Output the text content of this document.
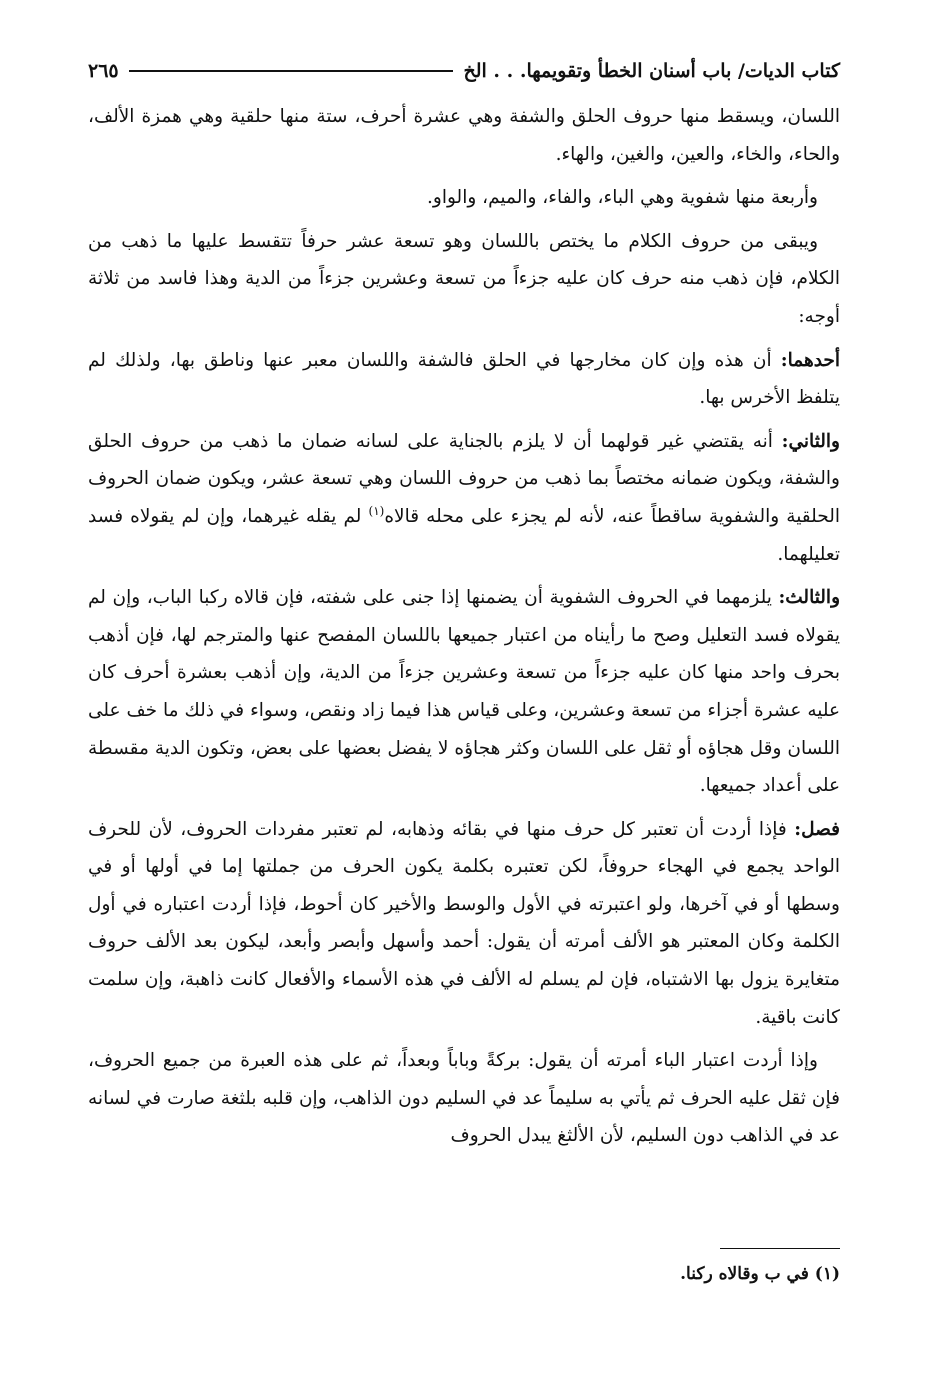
كتاب الديات/ باب أسنان الخطأ وتقويمها. . . الخ
٢٦٥

اللسان، ويسقط منها حروف الحلق والشفة وهي عشرة أحرف، ستة منها حلقية وهي همزة الألف، والحاء، والخاء، والعين، والغين، والهاء.

وأربعة منها شفوية وهي الباء، والفاء، والميم، والواو.

ويبقى من حروف الكلام ما يختص باللسان وهو تسعة عشر حرفاً تتقسط عليها ما ذهب من الكلام، فإن ذهب منه حرف كان عليه جزءاً من تسعة وعشرين جزءاً من الدية وهذا فاسد من ثلاثة أوجه:

أحدهما: أن هذه وإن كان مخارجها في الحلق فالشفة واللسان معبر عنها وناطق بها، ولذلك لم يتلفظ الأخرس بها.

والثاني: أنه يقتضي غير قولهما أن لا يلزم بالجناية على لسانه ضمان ما ذهب من حروف الحلق والشفة، ويكون ضمانه مختصاً بما ذهب من حروف اللسان وهي تسعة عشر، ويكون ضمان الحروف الحلقية والشفوية ساقطاً عنه، لأنه لم يجزء على محله قالاه$^{(١)}$ لم يقله غيرهما، وإن لم يقولاه فسد تعليلهما.

والثالث: يلزمهما في الحروف الشفوية أن يضمنها إذا جنى على شفته، فإن قالاه ركبا الباب، وإن لم يقولاه فسد التعليل وصح ما رأيناه من اعتبار جميعها باللسان المفصح عنها والمترجم لها، فإن أذهب بحرف واحد منها كان عليه جزءاً من تسعة وعشرين جزءاً من الدية، وإن أذهب بعشرة أحرف كان عليه عشرة أجزاء من تسعة وعشرين، وعلى قياس هذا فيما زاد ونقص، وسواء في ذلك ما خف على اللسان وقل هجاؤه أو ثقل على اللسان وكثر هجاؤه لا يفضل بعضها على بعض، وتكون الدية مقسطة على أعداد جميعها.

فصل: فإذا أردت أن تعتبر كل حرف منها في بقائه وذهابه، لم تعتبر مفردات الحروف، لأن للحرف الواحد يجمع في الهجاء حروفاً، لكن تعتبره بكلمة يكون الحرف من جملتها إما في أولها أو في وسطها أو في آخرها، ولو اعتبرته في الأول والوسط والأخير كان أحوط، فإذا أردت اعتباره في أول الكلمة وكان المعتبر هو الألف أمرته أن يقول: أحمد وأسهل وأبصر وأبعد، ليكون بعد الألف حروف متغايرة يزول بها الاشتباه، فإن لم يسلم له الألف في هذه الأسماء والأفعال كانت ذاهبة، وإن سلمت كانت باقية.

وإذا أردت اعتبار الباء أمرته أن يقول: بركةً وباباً وبعداً، ثم على هذه العبرة من جميع الحروف، فإن ثقل عليه الحرف ثم يأتي به سليماً عد في السليم دون الذاهب، وإن قلبه بلثغة صارت في لسانه عد في الذاهب دون السليم، لأن الألثغ يبدل الحروف

(١) في ب وقالاه ركنا.
